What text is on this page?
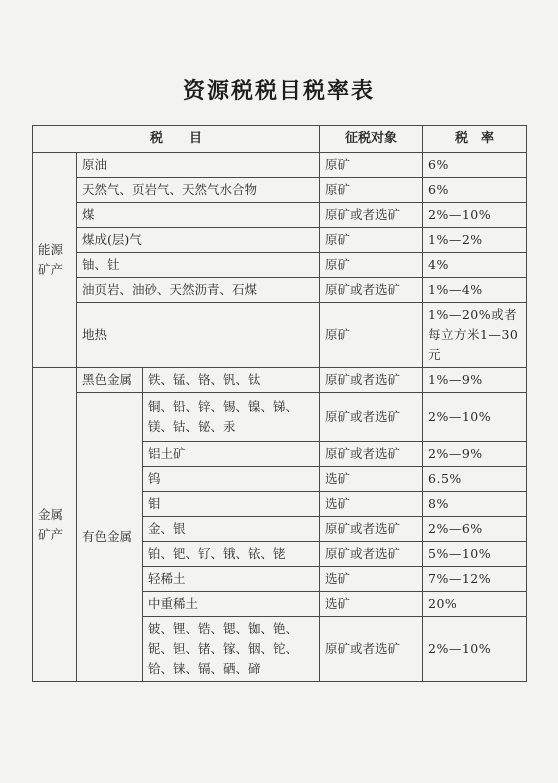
资源税税目税率表
税　　目			征税对象	税　率

能源
矿产	原油		原矿	6%
	天然气、页岩气、天然气水合物		原矿	6%
	煤		原矿或者选矿	2%—10%
	煤成(层)气		原矿	1%—2%
	铀、钍		原矿	4%
	油页岩、油砂、天然沥青、石煤		原矿或者选矿	1%—4%
	地热		原矿	1%—20%或者每立方米1—30元

金属
矿产	黑色金属	铁、锰、铬、钒、钛	原矿或者选矿	1%—9%
	有色金属	铜、铅、锌、锡、镍、锑、镁、钴、铋、汞	原矿或者选矿	2%—10%
		铝土矿	原矿或者选矿	2%—9%
		钨	选矿	6.5%
		钼	选矿	8%
		金、银	原矿或者选矿	2%—6%
		铂、钯、钌、锇、铱、铑	原矿或者选矿	5%—10%
		轻稀土	选矿	7%—12%
		中重稀土	选矿	20%
		铍、锂、锆、锶、铷、铯、铌、钽、锗、镓、铟、铊、铪、铼、镉、硒、碲	原矿或者选矿	2%—10%
